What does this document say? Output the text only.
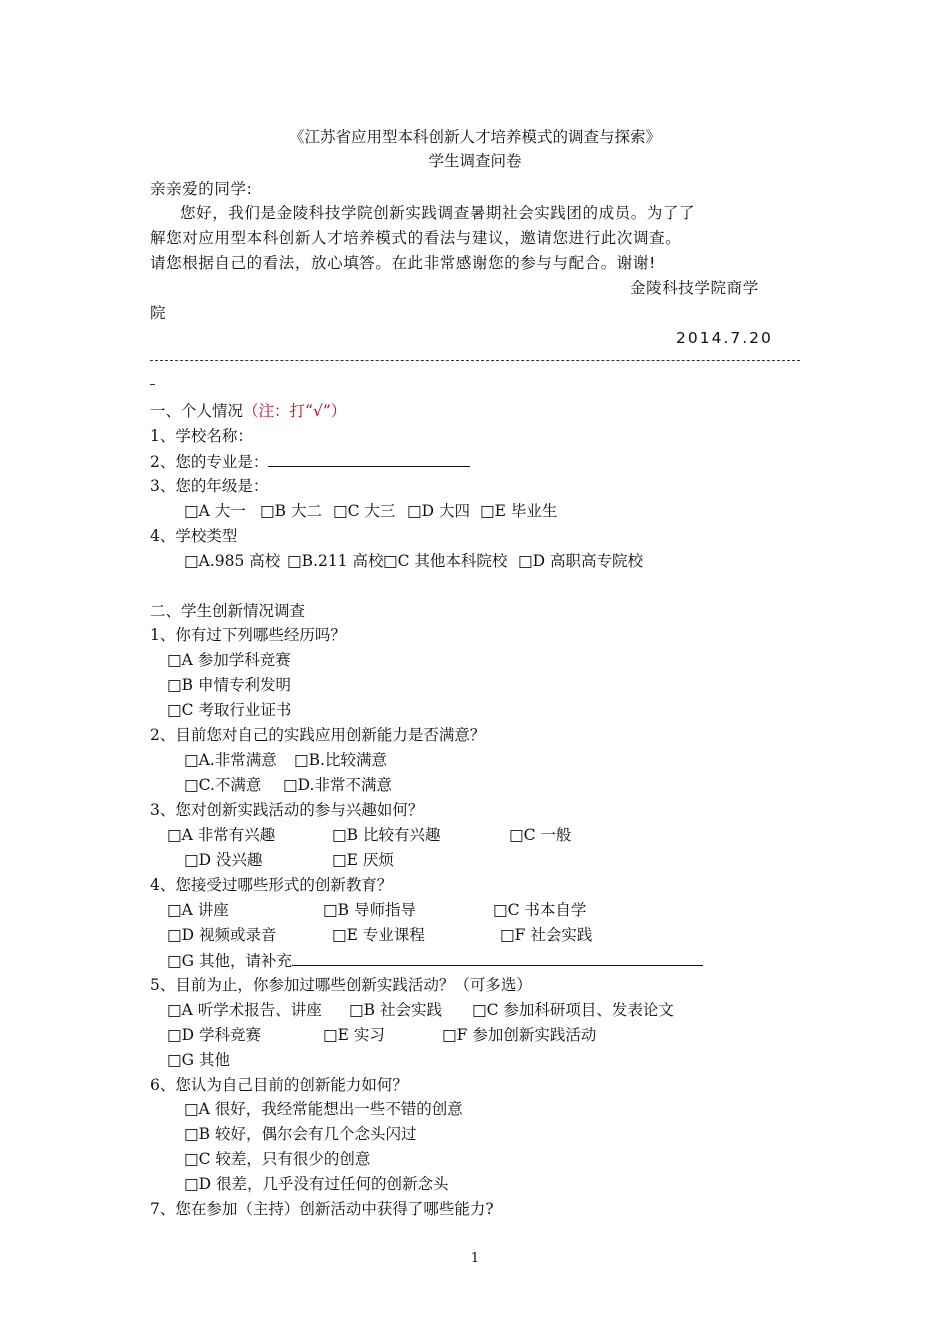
《江苏省应用型本科创新人才培养模式的调查与探索》
学生调查问卷
亲亲爱的同学:
您好，我们是金陵科技学院创新实践调查暑期社会实践团的成员。为了了
解您对应用型本科创新人才培养模式的看法与建议，邀请您进行此次调查。
请您根据自己的看法，放心填答。在此非常感谢您的参与与配合。谢谢!
金陵科技学院商学
院
2014.7.20
一、个人情况（注：打“√”）
1、学校名称：
2、您的专业是：
3、您的年级是：
□A 大一 □B 大二 □C 大三 □D 大四 □E 毕业生
4、学校类型
□A.985 高校 □B.211 高校 □C 其他本科院校 □D 高职高专院校
二、学生创新情况调查
1、你有过下列哪些经历吗？
□A 参加学科竞赛
□B 申情专利发明
□C 考取行业证书
2、目前您对自己的实践应用创新能力是否满意？
□A.非常满意 □B.比较满意
□C.不满意 □D.非常不满意
3、您对创新实践活动的参与兴趣如何？
□A 非常有兴趣	□B 比较有兴趣	□C 一般
□D 没兴趣	□E 厌烦
4、您接受过哪些形式的创新教育？
□A 讲座	□B 导师指导	□C 书本自学
□D 视频或录音	□E 专业课程	□F 社会实践
□G 其他，请补充
5、目前为止，你参加过哪些创新实践活动？（可多选）
□A 听学术报告、讲座 □B 社会实践 □C 参加科研项目、发表论文
□D 学科竞赛	□E 实习	□F 参加创新实践活动
□G 其他
6、您认为自己目前的创新能力如何？
□A 很好，我经常能想出一些不错的创意
□B 较好，偶尔会有几个念头闪过
□C 较差，只有很少的创意
□D 很差，几乎没有过任何的创新念头
7、您在参加（主持）创新活动中获得了哪些能力?
1
